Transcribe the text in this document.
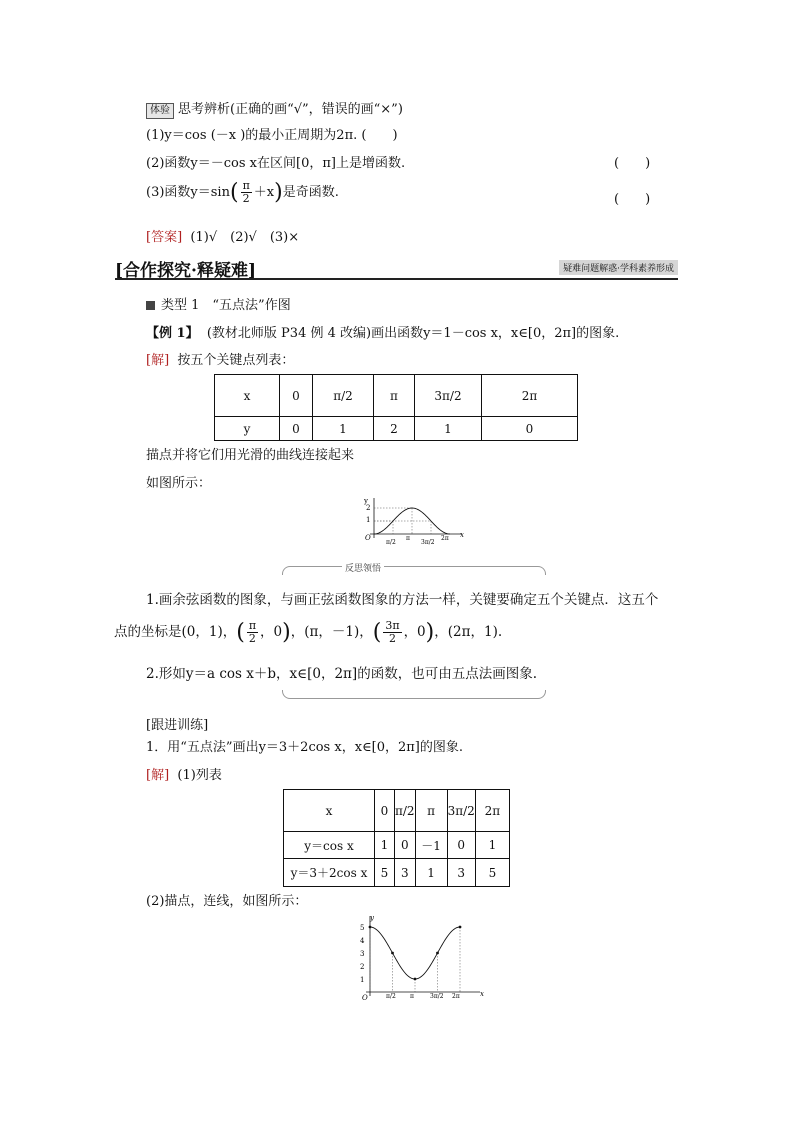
体验 思考辨析(正确的画“√”，错误的画“×”)
(1)y＝cos (－x )的最小正周期为2π. (　　)
(2)函数y＝－cos x在区间[0，π]上是增函数.	(　　)
(3)函数$y=\sin( \frac{\pi}{2} +x)$是奇函数.	(　　)
[答案] (1)√　(2)√　(3)×
[合作探究·释疑难]	疑难问题解惑·学科素养形成
类型 1　“五点法”作图
【例 1】 (教材北师版 P34 例 4 改编)画出函数y＝1－cos x，x∈[0，2π]的图象.
[解] 按五个关键点列表：
x	0	π/2	π	3π/2	2π
y	0	1	2	1	0
描点并将它们用光滑的曲线连接起来
如图所示：
y
x
O
1
2
π/2
π
3π/2
2π
反思领悟
1.画余弦函数的图象，与画正弦函数图象的方法一样，关键要确定五个关键点．这五个
点的坐标是(0，1)，( $\frac{\pi}{2}$ ，0)，(π，－1)，( $\frac{3\pi}{2}$ ，0)，(2π，1).
2.形如y＝a cos x＋b，x∈[0，2π]的函数，也可由五点法画图象.
[跟进训练]
1．用“五点法”画出y＝3＋2cos x，x∈[0，2π]的图象.
[解] (1)列表
x	0	π/2	π	3π/2	2π
y＝cos x	1	0	－1	0	1
y＝3＋2cos x	5	3	1	3	5
(2)描点，连线，如图所示：
y
x
O
1
2
3
4
5
π/2 π	3π/2 2π
